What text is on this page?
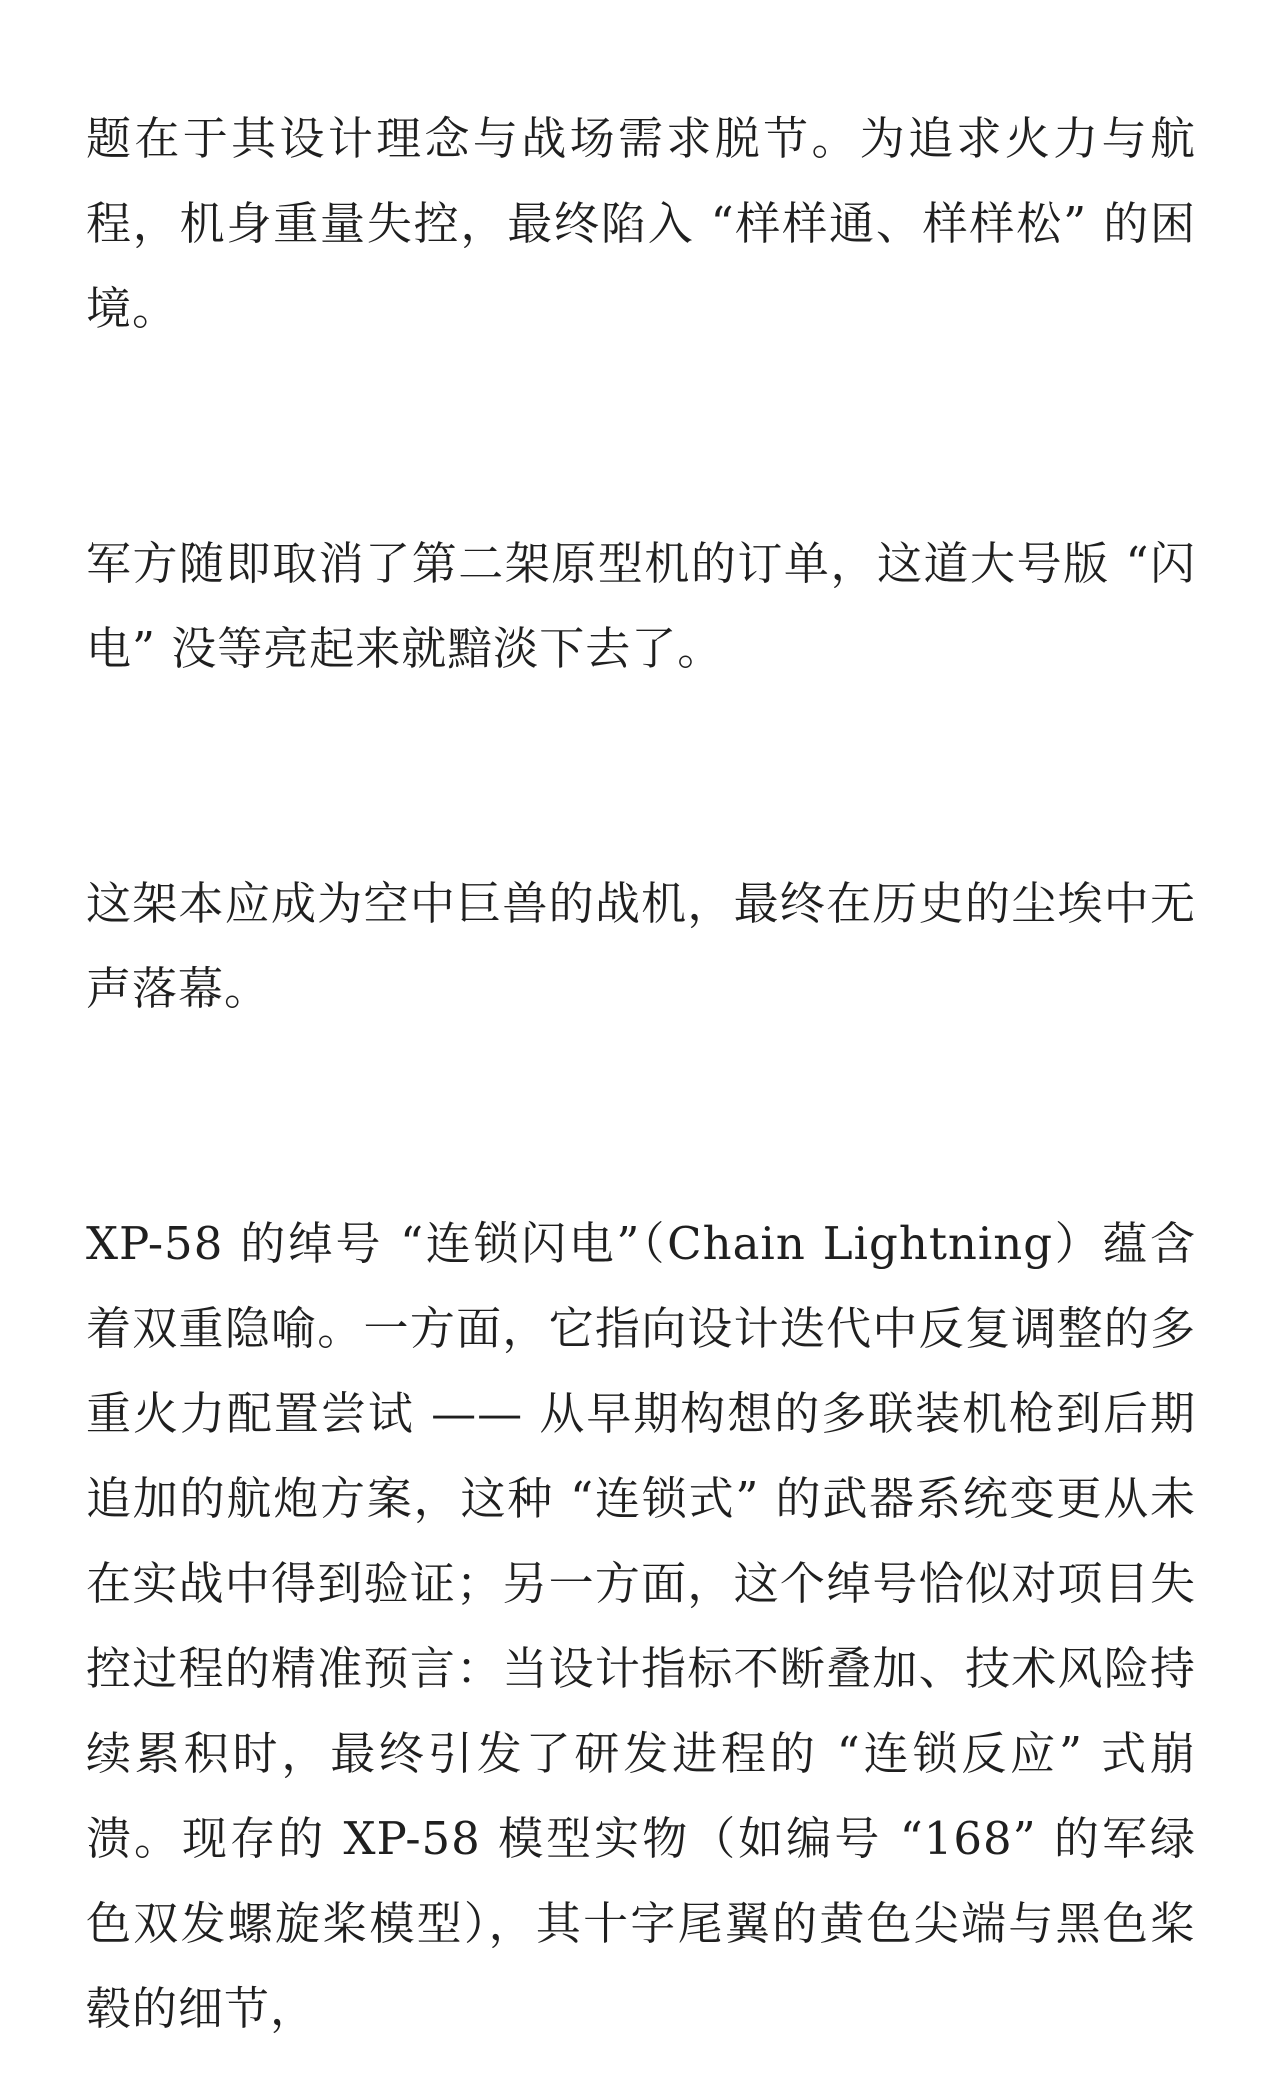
题在于其设计理念与战场需求脱节。为追求火力与航程，机身重量失控，最终陷入 “样样通、样样松” 的困境。

军方随即取消了第二架原型机的订单，这道大号版 “闪电” 没等亮起来就黯淡下去了。

这架本应成为空中巨兽的战机，最终在历史的尘埃中无声落幕。

XP-58 的绰号 “连锁闪电”（Chain Lightning）蕴含着双重隐喻。一方面，它指向设计迭代中反复调整的多重火力配置尝试 —— 从早期构想的多联装机枪到后期追加的航炮方案，这种 “连锁式” 的武器系统变更从未在实战中得到验证；另一方面，这个绰号恰似对项目失控过程的精准预言：当设计指标不断叠加、技术风险持续累积时，最终引发了研发进程的 “连锁反应” 式崩溃。现存的 XP-58 模型实物（如编号 “168” 的军绿色双发螺旋桨模型），其十字尾翼的黄色尖端与黑色桨毂的细节，
